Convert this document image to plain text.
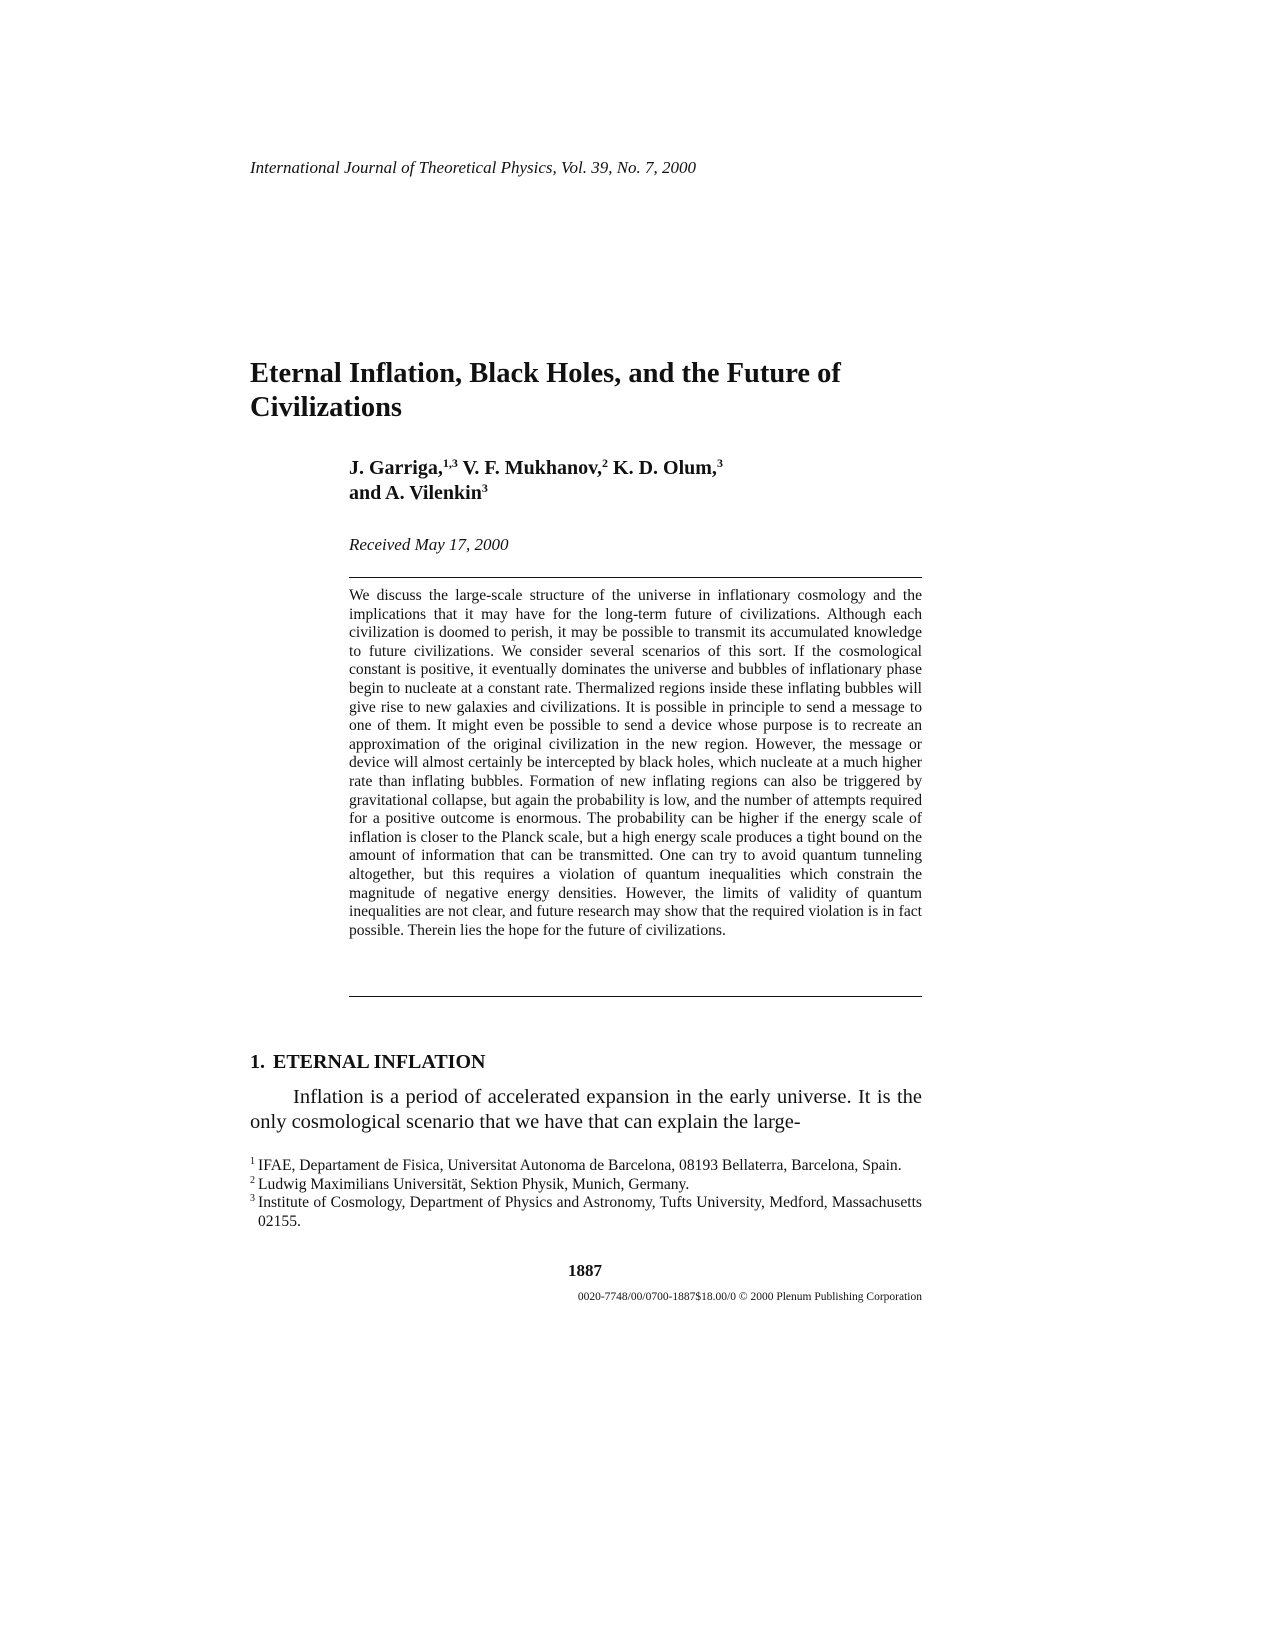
International Journal of Theoretical Physics, Vol. 39, No. 7, 2000
Eternal Inflation, Black Holes, and the Future of Civilizations
J. Garriga,$^{1,3}$ V. F. Mukhanov,$^2$ K. D. Olum,$^3$
and A. Vilenkin$^3$
Received May 17, 2000
We discuss the large-scale structure of the universe in inflationary cosmology and the implications that it may have for the long-term future of civilizations. Although each civilization is doomed to perish, it may be possible to transmit its accumulated knowledge to future civilizations. We consider several scenarios of this sort. If the cosmological constant is positive, it eventually dominates the universe and bubbles of inflationary phase begin to nucleate at a constant rate. Thermalized regions inside these inflating bubbles will give rise to new galaxies and civilizations. It is possible in principle to send a message to one of them. It might even be possible to send a device whose purpose is to recreate an approximation of the original civilization in the new region. However, the message or device will almost certainly be intercepted by black holes, which nucleate at a much higher rate than inflating bubbles. Formation of new inflating regions can also be triggered by gravitational collapse, but again the probability is low, and the number of attempts required for a positive outcome is enormous. The probability can be higher if the energy scale of inflation is closer to the Planck scale, but a high energy scale produces a tight bound on the amount of information that can be transmitted. One can try to avoid quantum tunneling altogether, but this requires a violation of quantum inequalities which constrain the magnitude of negative energy densities. However, the limits of validity of quantum inequalities are not clear, and future research may show that the required violation is in fact possible. Therein lies the hope for the future of civilizations.
1. ETERNAL INFLATION
Inflation is a period of accelerated expansion in the early universe. It is the only cosmological scenario that we have that can explain the large-
1 IFAE, Departament de Fisica, Universitat Autonoma de Barcelona, 08193 Bellaterra, Barcelona, Spain.
2 Ludwig Maximilians Universität, Sektion Physik, Munich, Germany.
3 Institute of Cosmology, Department of Physics and Astronomy, Tufts University, Medford, Massachusetts 02155.
1887
0020-7748/00/0700-1887$18.00/0 © 2000 Plenum Publishing Corporation
